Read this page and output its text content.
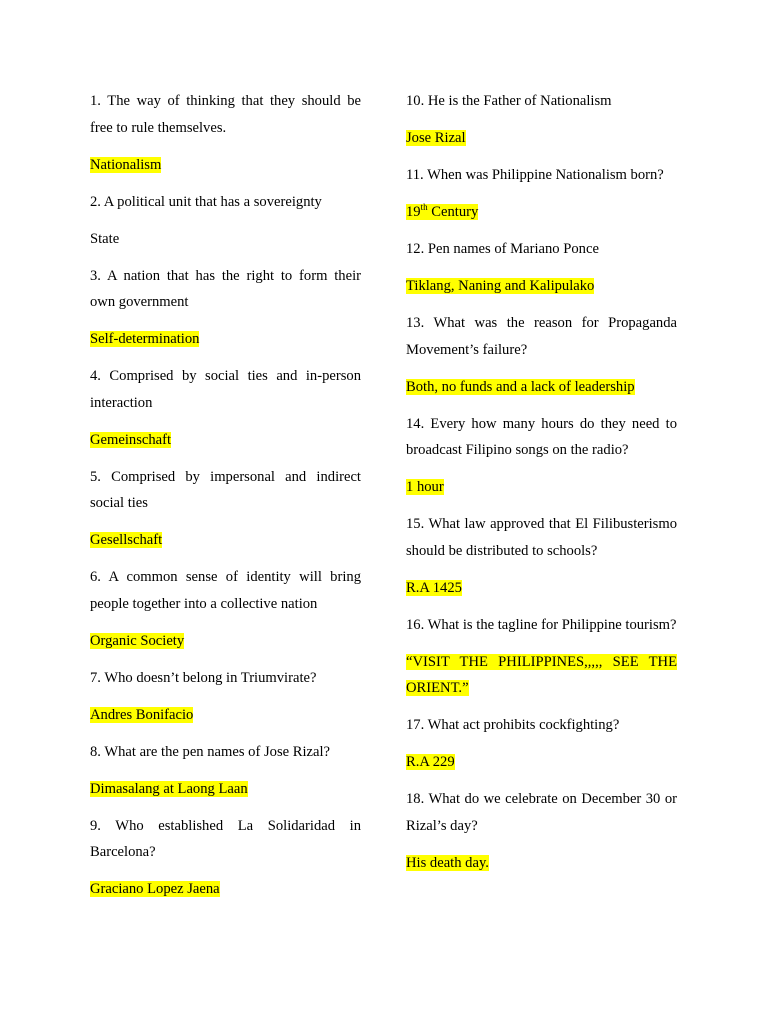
1. The way of thinking that they should be free to rule themselves.

Nationalism

2. A political unit that has a sovereignty

State

3. A nation that has the right to form their own government

Self-determination

4. Comprised by social ties and in-person interaction

Gemeinschaft

5. Comprised by impersonal and indirect social ties

Gesellschaft

6. A common sense of identity will bring people together into a collective nation

Organic Society

7. Who doesn’t belong in Triumvirate?

Andres Bonifacio

8. What are the pen names of Jose Rizal?

Dimasalang at Laong Laan

9. Who established La Solidaridad in Barcelona?

Graciano Lopez Jaena

10. He is the Father of Nationalism

Jose Rizal

11. When was Philippine Nationalism born?

19th Century

12. Pen names of Mariano Ponce

Tiklang, Naning and Kalipulako

13. What was the reason for Propaganda Movement’s failure?

Both, no funds and a lack of leadership

14. Every how many hours do they need to broadcast Filipino songs on the radio?

1 hour

15. What law approved that El Filibusterismo should be distributed to schools?

R.A 1425

16. What is the tagline for Philippine tourism?

“VISIT THE PHILIPPINES,,,,, SEE THE ORIENT.”

17. What act prohibits cockfighting?

R.A 229

18. What do we celebrate on December 30 or Rizal’s day?

His death day.
